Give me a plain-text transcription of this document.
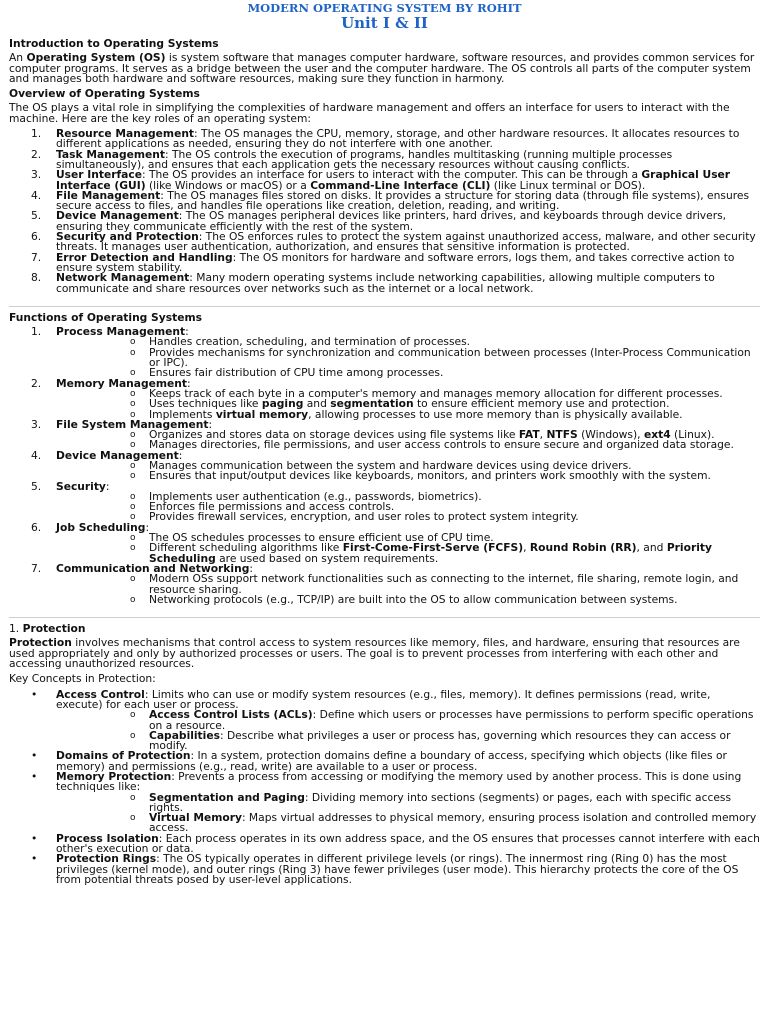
MODERN OPERATING SYSTEM BY ROHIT
Unit I & II
Introduction to Operating Systems

An Operating System (OS) is system software that manages computer hardware, software resources, and provides common services for computer programs. It serves as a bridge between the user and the computer hardware. The OS controls all parts of the computer system and manages both hardware and software resources, making sure they function in harmony.

Overview of Operating Systems

The OS plays a vital role in simplifying the complexities of hardware management and offers an interface for users to interact with the machine. Here are the key roles of an operating system:

1.	Resource Management: The OS manages the CPU, memory, storage, and other hardware resources. It allocates resources to different applications as needed, ensuring they do not interfere with one another.
2.	Task Management: The OS controls the execution of programs, handles multitasking (running multiple processes simultaneously), and ensures that each application gets the necessary resources without causing conflicts.
3.	User Interface: The OS provides an interface for users to interact with the computer. This can be through a Graphical User Interface (GUI) (like Windows or macOS) or a Command-Line Interface (CLI) (like Linux terminal or DOS).
4.	File Management: The OS manages files stored on disks. It provides a structure for storing data (through file systems), ensures secure access to files, and handles file operations like creation, deletion, reading, and writing.
5.	Device Management: The OS manages peripheral devices like printers, hard drives, and keyboards through device drivers, ensuring they communicate efficiently with the rest of the system.
6.	Security and Protection: The OS enforces rules to protect the system against unauthorized access, malware, and other security threats. It manages user authentication, authorization, and ensures that sensitive information is protected.
7.	Error Detection and Handling: The OS monitors for hardware and software errors, logs them, and takes corrective action to ensure system stability.
8.	Network Management: Many modern operating systems include networking capabilities, allowing multiple computers to communicate and share resources over networks such as the internet or a local network.
Functions of Operating Systems
1.	Process Management:
o Handles creation, scheduling, and termination of processes.
o Provides mechanisms for synchronization and communication between processes (Inter-Process Communication or IPC).
o Ensures fair distribution of CPU time among processes.
2.	Memory Management:
o Keeps track of each byte in a computer's memory and manages memory allocation for different processes.
o Uses techniques like paging and segmentation to ensure efficient memory use and protection.
o Implements virtual memory, allowing processes to use more memory than is physically available.
3.	File System Management:
o Organizes and stores data on storage devices using file systems like FAT, NTFS (Windows), ext4 (Linux).
o Manages directories, file permissions, and user access controls to ensure secure and organized data storage.
4.	Device Management:
o Manages communication between the system and hardware devices using device drivers.
o Ensures that input/output devices like keyboards, monitors, and printers work smoothly with the system.
5.	Security:
o Implements user authentication (e.g., passwords, biometrics).
o Enforces file permissions and access controls.
o Provides firewall services, encryption, and user roles to protect system integrity.
6.	Job Scheduling:
o The OS schedules processes to ensure efficient use of CPU time.
o Different scheduling algorithms like First-Come-First-Serve (FCFS), Round Robin (RR), and Priority Scheduling are used based on system requirements.
7.	Communication and Networking:
o Modern OSs support network functionalities such as connecting to the internet, file sharing, remote login, and resource sharing.
o Networking protocols (e.g., TCP/IP) are built into the OS to allow communication between systems.
1. Protection

Protection involves mechanisms that control access to system resources like memory, files, and hardware, ensuring that resources are used appropriately and only by authorized processes or users. The goal is to prevent processes from interfering with each other and accessing unauthorized resources.

Key Concepts in Protection:

•	Access Control: Limits who can use or modify system resources (e.g., files, memory). It defines permissions (read, write, execute) for each user or process.
o Access Control Lists (ACLs): Define which users or processes have permissions to perform specific operations on a resource.
o Capabilities: Describe what privileges a user or process has, governing which resources they can access or modify.
•	Domains of Protection: In a system, protection domains define a boundary of access, specifying which objects (like files or memory) and permissions (e.g., read, write) are available to a user or process.
•	Memory Protection: Prevents a process from accessing or modifying the memory used by another process. This is done using techniques like:
o Segmentation and Paging: Dividing memory into sections (segments) or pages, each with specific access rights.
o Virtual Memory: Maps virtual addresses to physical memory, ensuring process isolation and controlled memory access.
•	Process Isolation: Each process operates in its own address space, and the OS ensures that processes cannot interfere with each other's execution or data.
•	Protection Rings: The OS typically operates in different privilege levels (or rings). The innermost ring (Ring 0) has the most privileges (kernel mode), and outer rings (Ring 3) have fewer privileges (user mode). This hierarchy protects the core of the OS from potential threats posed by user-level applications.
